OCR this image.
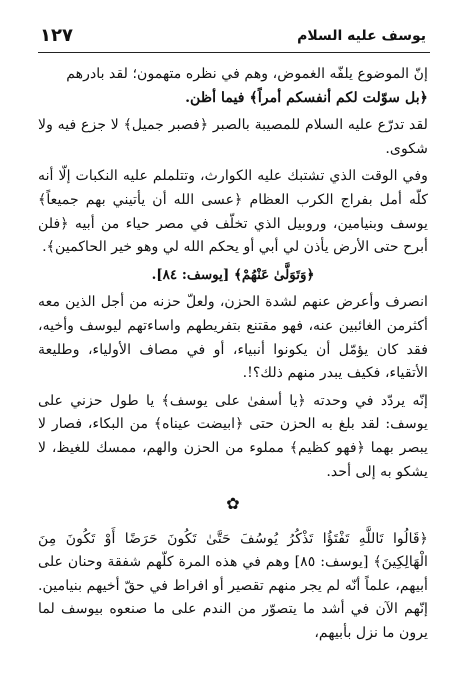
يوسف عليه السلام
١٢٧

إنّ الموضوع يلفّه الغموض، وهم في نظره متهمون؛ لقد بادرهم
﴿بل سوّلت لكم أنفسكم أمراً﴾ فيما أظن.

لقد تدرّع عليه السلام للمصيبة بالصبر ﴿فصبر جميل﴾ لا جزع فيه ولا شكوى.

وفي الوقت الذي تشتبك عليه الكوارث، وتتلملم عليه النكبات إلّا أنه كلّه أمل بفراج الكرب العظام ﴿عسى الله أن يأتيني بهم جميعاً﴾ يوسف وبنيامين، وروبيل الذي تخلّف في مصر حياء من أبيه ﴿فلن أبرح حتى الأرض يأذن لي أبي أو يحكم الله لي وهو خير الحاكمين﴾.

﴿وَتَوَلَّىٰ عَنْهُمْ﴾ [يوسف: ٨٤].

انصرف وأعرض عنهم لشدة الحزن، ولعلّ حزنه من أجل الذين معه أكثرمن الغائبين عنه، فهو مقتنع بتفريطهم واساءتهم ليوسف وأخيه، فقد كان يؤمّل أن يكونوا أنبياء، أو في مصاف الأولياء، وطليعة الأتقياء، فكيف يبدر منهم ذلك؟!.

إنّه يردّد في وحدته ﴿يا أسفىٰ على يوسف﴾ يا طول حزني على يوسف: لقد بلغ به الحزن حتى ﴿ابيضت عيناه﴾ من البكاء، فصار لا يبصر بهما ﴿فهو كظيم﴾ مملوء من الحزن والهم، ممسك للغيظ، لا يشكو به إلى أحد.

✿

﴿قَالُوا تَاللَّهِ تَفْتَؤُا تَذْكُرُ يُوسُفَ حَتَّىٰ تَكُونَ حَرَضًا أَوْ تَكُونَ مِنَ الْهَالِكِينَ﴾ [يوسف: ٨٥] وهم في هذه المرة كلّهم شفقة وحنان على أبيهم، علماً أنّه لم يجر منهم تقصير أو افراط في حقّ أخيهم بنيامين. إنّهم الآن في أشد ما يتصوّر من الندم على ما صنعوه بيوسف لما يرون ما نزل بأبيهم،
